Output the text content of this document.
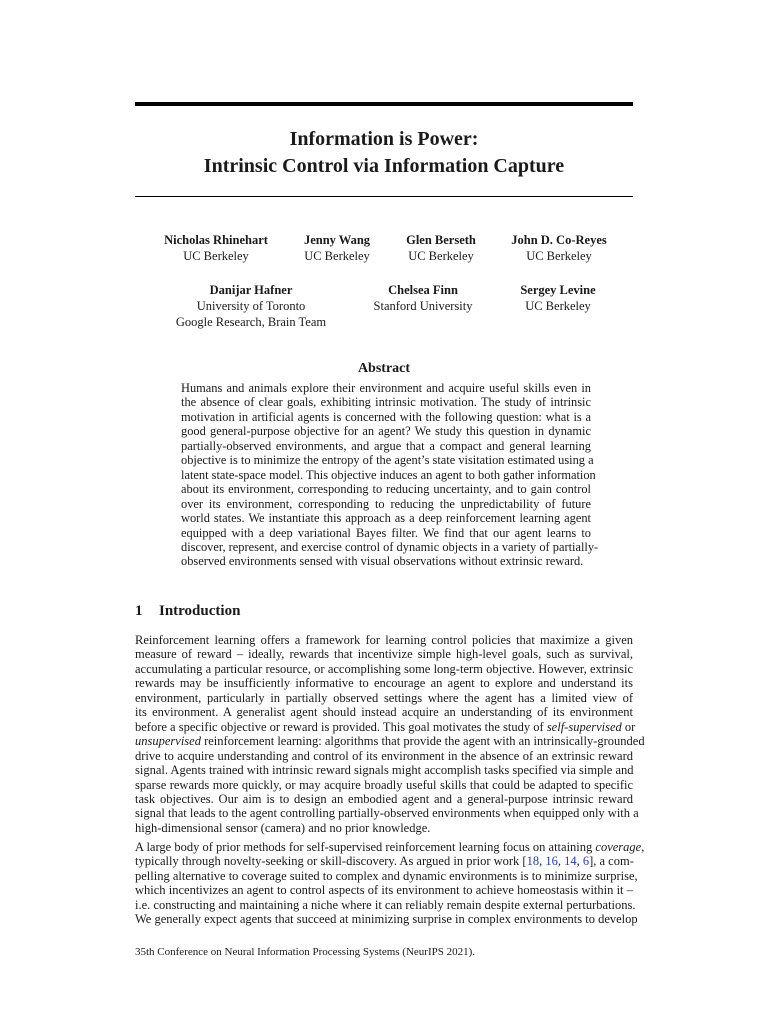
Information is Power:
Intrinsic Control via Information Capture
Nicholas Rhinehart
UC Berkeley
Jenny Wang
UC Berkeley
Glen Berseth
UC Berkeley
John D. Co-Reyes
UC Berkeley
Danijar Hafner
University of Toronto
Google Research, Brain Team
Chelsea Finn
Stanford University
Sergey Levine
UC Berkeley
Abstract
Humans and animals explore their environment and acquire useful skills even in
the absence of clear goals, exhibiting intrinsic motivation. The study of intrinsic
motivation in artificial agents is concerned with the following question: what is a
good general-purpose objective for an agent? We study this question in dynamic
partially-observed environments, and argue that a compact and general learning
objective is to minimize the entropy of the agent’s state visitation estimated using a
latent state-space model. This objective induces an agent to both gather information
about its environment, corresponding to reducing uncertainty, and to gain control
over its environment, corresponding to reducing the unpredictability of future
world states. We instantiate this approach as a deep reinforcement learning agent
equipped with a deep variational Bayes filter. We find that our agent learns to
discover, represent, and exercise control of dynamic objects in a variety of partially-
observed environments sensed with visual observations without extrinsic reward.
1 Introduction
Reinforcement learning offers a framework for learning control policies that maximize a given
measure of reward – ideally, rewards that incentivize simple high-level goals, such as survival,
accumulating a particular resource, or accomplishing some long-term objective. However, extrinsic
rewards may be insufficiently informative to encourage an agent to explore and understand its
environment, particularly in partially observed settings where the agent has a limited view of
its environment. A generalist agent should instead acquire an understanding of its environment
before a specific objective or reward is provided. This goal motivates the study of self-supervised or
unsupervised reinforcement learning: algorithms that provide the agent with an intrinsically-grounded
drive to acquire understanding and control of its environment in the absence of an extrinsic reward
signal. Agents trained with intrinsic reward signals might accomplish tasks specified via simple and
sparse rewards more quickly, or may acquire broadly useful skills that could be adapted to specific
task objectives. Our aim is to design an embodied agent and a general-purpose intrinsic reward
signal that leads to the agent controlling partially-observed environments when equipped only with a
high-dimensional sensor (camera) and no prior knowledge.
A large body of prior methods for self-supervised reinforcement learning focus on attaining coverage,
typically through novelty-seeking or skill-discovery. As argued in prior work [18, 16, 14, 6], a com-
pelling alternative to coverage suited to complex and dynamic environments is to minimize surprise,
which incentivizes an agent to control aspects of its environment to achieve homeostasis within it –
i.e. constructing and maintaining a niche where it can reliably remain despite external perturbations.
We generally expect agents that succeed at minimizing surprise in complex environments to develop
35th Conference on Neural Information Processing Systems (NeurIPS 2021).
